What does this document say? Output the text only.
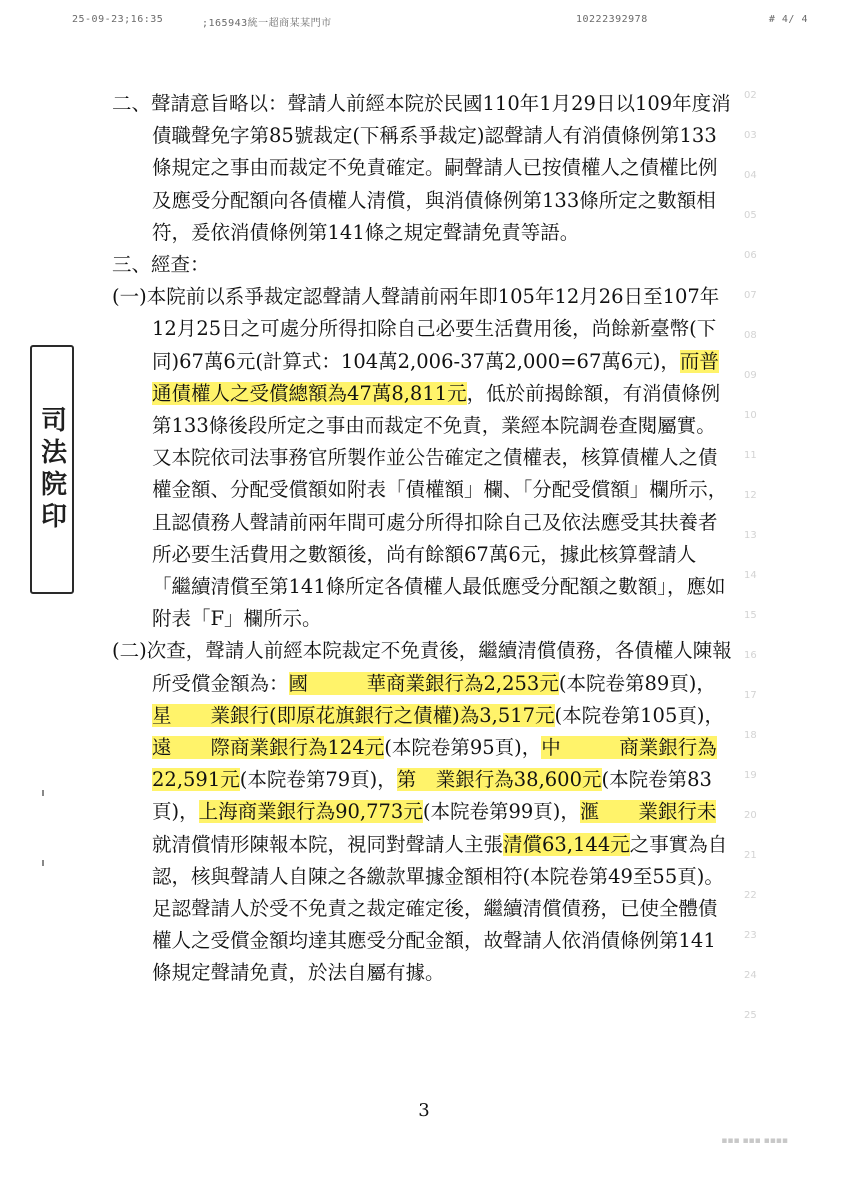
25-09-23;16:35	;165943統一超商某某門市	10222392978	# 4/ 4
司法院印
02
03
04
05
06
07
08
09
10
11
12
13
14
15
16
17
18
19
20
21
22
23
24
25

二、聲請意旨略以：聲請人前經本院於民國110年1月29日以109年度消債職聲免字第85號裁定(下稱系爭裁定)認聲請人有消債條例第133條規定之事由而裁定不免責確定。嗣聲請人已按債權人之債權比例及應受分配額向各債權人清償，與消債條例第133條所定之數額相符，爰依消債條例第141條之規定聲請免責等語。

三、經查：

(一)本院前以系爭裁定認聲請人聲請前兩年即105年12月26日至107年12月25日之可處分所得扣除自己必要生活費用後，尚餘新臺幣(下同)67萬6元(計算式：104萬2,006-37萬2,000=67萬6元)，而普通債權人之受償總額為47萬8,811元，低於前揭餘額，有消債條例第133條後段所定之事由而裁定不免責，業經本院調卷查閱屬實。又本院依司法事務官所製作並公告確定之債權表，核算債權人之債權金額、分配受償額如附表「債權額」欄、「分配受償額」欄所示，且認債務人聲請前兩年間可處分所得扣除自己及依法應受其扶養者所必要生活費用之數額後，尚有餘額67萬6元，據此核算聲請人「繼續清償至第141條所定各債權人最低應受分配額之數額」，應如附表「F」欄所示。

(二)次查，聲請人前經本院裁定不免責後，繼續清償債務，各債權人陳報所受償金額為：國　　　華商業銀行為2,253元(本院卷第89頁)，星　　業銀行(即原花旗銀行之債權)為3,517元(本院卷第105頁)，遠　　際商業銀行為124元(本院卷第95頁)，中　　　商業銀行為22,591元(本院卷第79頁)，第　業銀行為38,600元(本院卷第83頁)，上海商業銀行為90,773元(本院卷第99頁)，滙　　業銀行未就清償情形陳報本院，視同對聲請人主張清償63,144元之事實為自認，核與聲請人自陳之各繳款單據金額相符(本院卷第49至55頁)。足認聲請人於受不免責之裁定確定後，繼續清償債務，已使全體債權人之受償金額均達其應受分配金額，故聲請人依消債條例第141條規定聲請免責，於法自屬有據。

3
▪▪▪ ▪▪▪ ▪▪▪▪
